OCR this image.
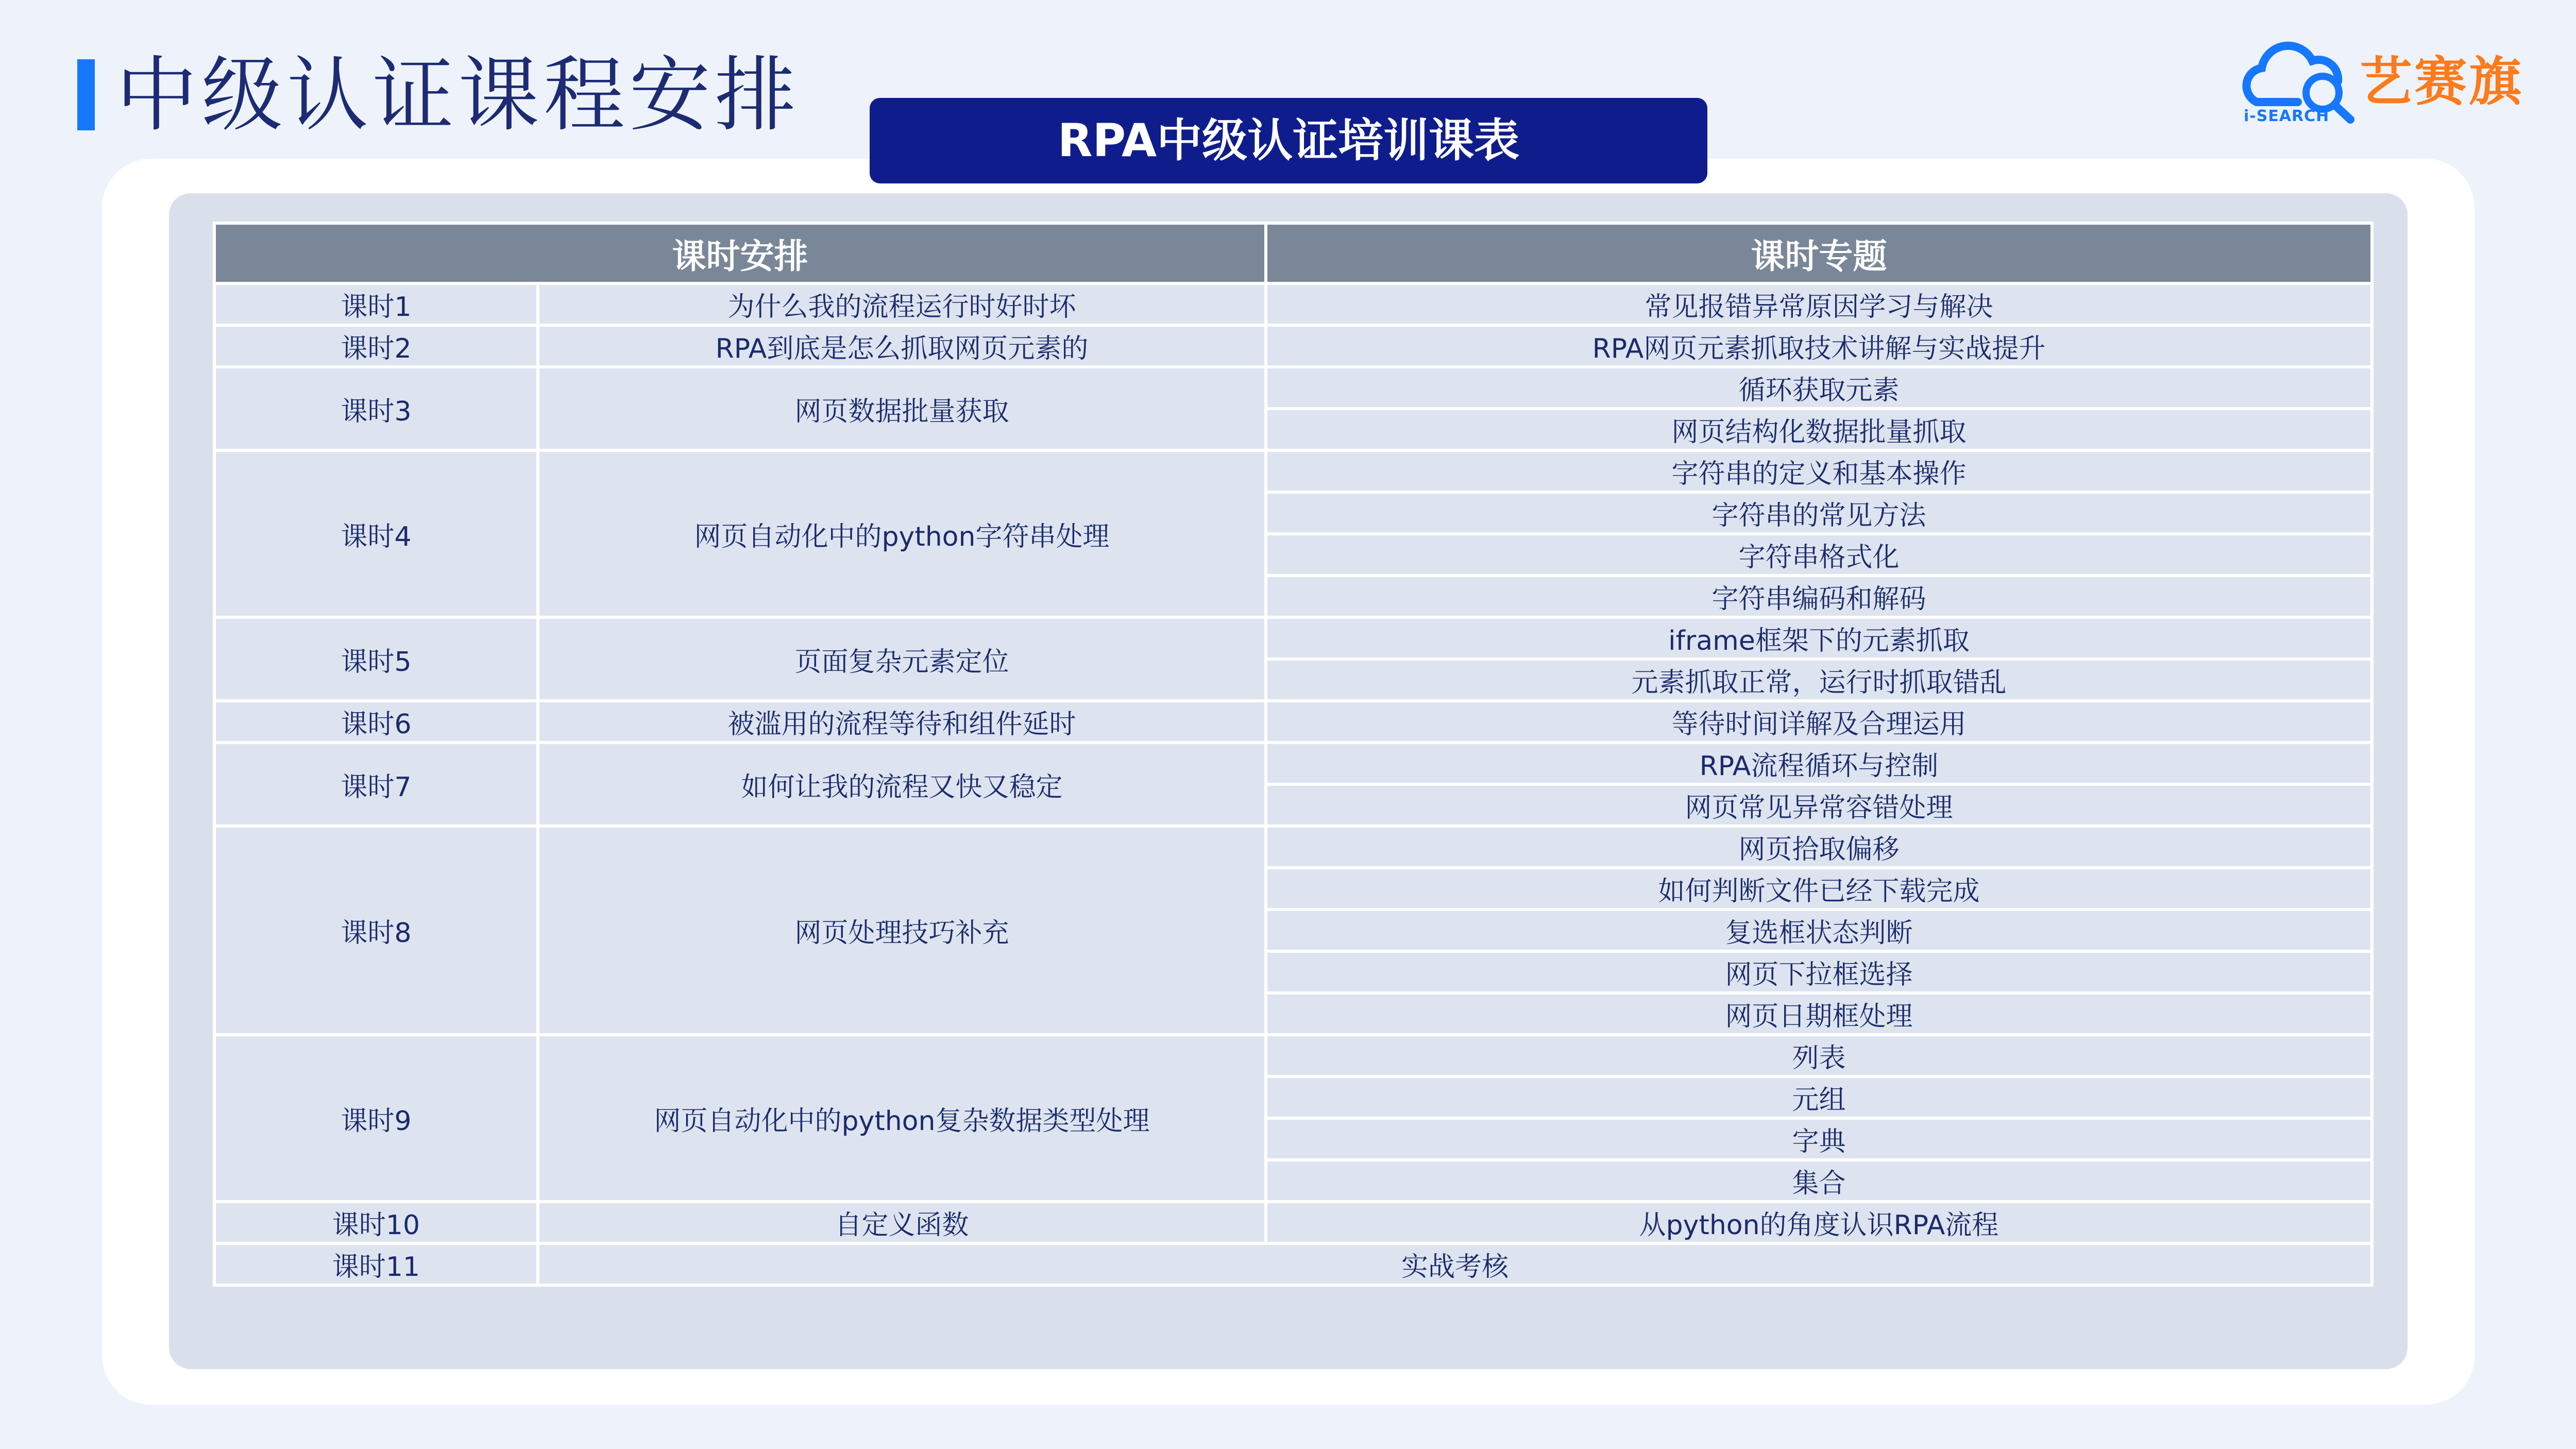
中级认证课程安排	艺赛旗
i-SEARCH
RPA中级认证培训课表
课时安排		课时专题
课时1	为什么我的流程运行时好时坏	常见报错异常原因学习与解决
课时2	RPA到底是怎么抓取网页元素的	RPA网页元素抓取技术讲解与实战提升
课时3	网页数据批量获取	循环获取元素
		网页结构化数据批量抓取
课时4	网页自动化中的python字符串处理	字符串的定义和基本操作
		字符串的常见方法
		字符串格式化
		字符串编码和解码
课时5	页面复杂元素定位	iframe框架下的元素抓取
		元素抓取正常，运行时抓取错乱
课时6	被滥用的流程等待和组件延时	等待时间详解及合理运用
课时7	如何让我的流程又快又稳定	RPA流程循环与控制
		网页常见异常容错处理
课时8	网页处理技巧补充	网页拾取偏移
		如何判断文件已经下载完成
		复选框状态判断
		网页下拉框选择
		网页日期框处理
课时9	网页自动化中的python复杂数据类型处理	列表
		元组
		字典
		集合
课时10	自定义函数	从python的角度认识RPA流程
课时11	实战考核	
